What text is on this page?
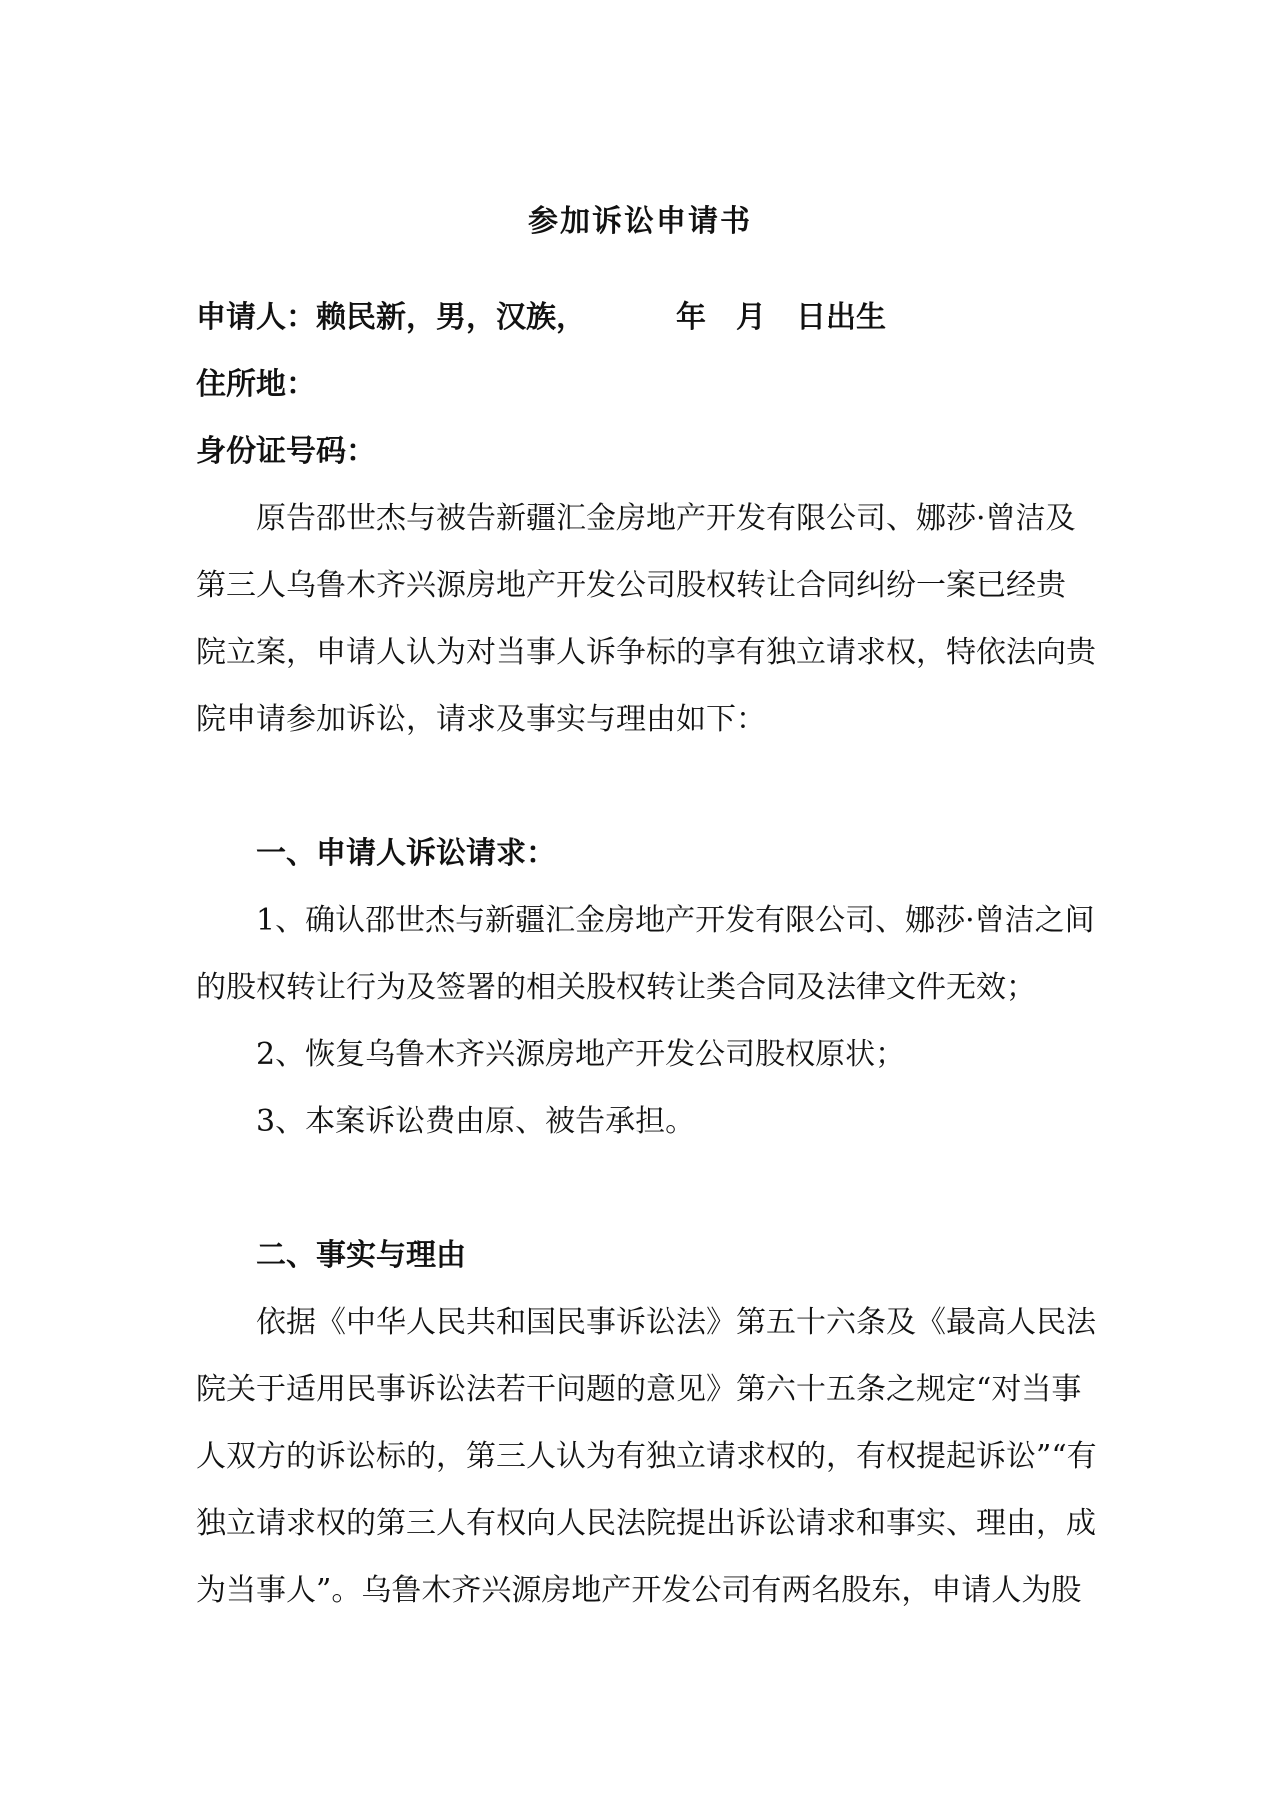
参加诉讼申请书
申请人：赖民新，男，汉族，	年 月 日出生
住所地：
身份证号码：
原告邵世杰与被告新疆汇金房地产开发有限公司、娜莎·曾洁及
第三人乌鲁木齐兴源房地产开发公司股权转让合同纠纷一案已经贵
院立案，申请人认为对当事人诉争标的享有独立请求权，特依法向贵
院申请参加诉讼，请求及事实与理由如下：
一、申请人诉讼请求：
1、确认邵世杰与新疆汇金房地产开发有限公司、娜莎·曾洁之间
的股权转让行为及签署的相关股权转让类合同及法律文件无效；
2、恢复乌鲁木齐兴源房地产开发公司股权原状；
3、本案诉讼费由原、被告承担。
二、事实与理由
依据《中华人民共和国民事诉讼法》第五十六条及《最高人民法
院关于适用民事诉讼法若干问题的意见》第六十五条之规定“对当事
人双方的诉讼标的，第三人认为有独立请求权的，有权提起诉讼”“有
独立请求权的第三人有权向人民法院提出诉讼请求和事实、理由，成
为当事人”。乌鲁木齐兴源房地产开发公司有两名股东，申请人为股
